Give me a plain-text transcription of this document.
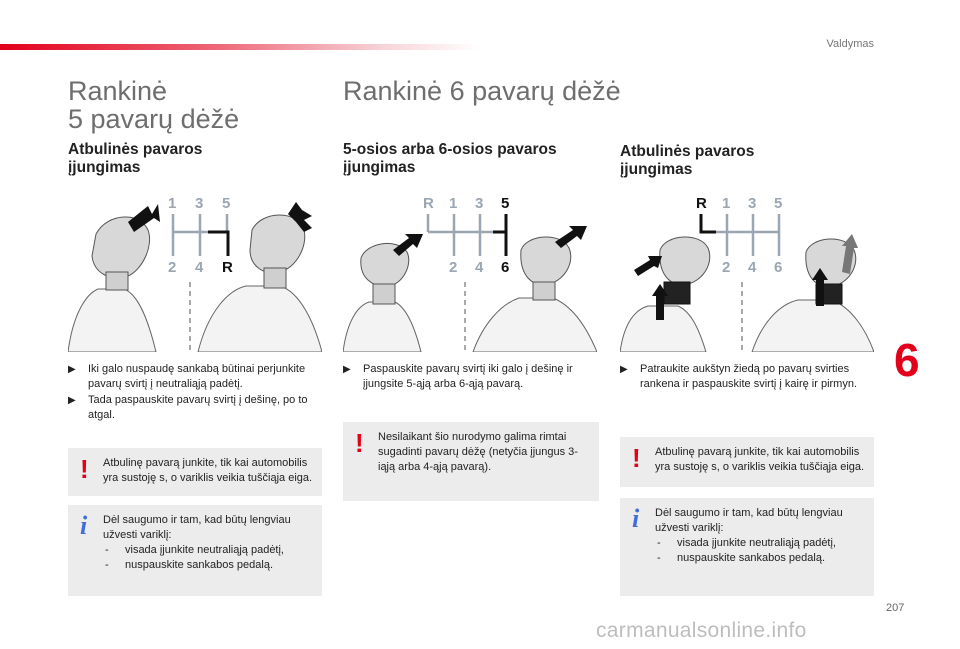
Valdymas
Rankinė
5 pavarų dėžė
Atbulinės pavaros
įjungimas
1 3 5
2 4 R
▶︎ Iki galo nuspaudę sankabą būtinai perjunkite pavarų svirtį į neutraliąją padėtį.
▶︎ Tada paspauskite pavarų svirtį į dešinę, po to atgal.
! Atbulinę pavarą junkite, tik kai automobilis yra sustoję s, o variklis veikia tuščiąja eiga.
i Dėl saugumo ir tam, kad būtų lengviau užvesti variklį:
- visada įjunkite neutraliąją padėtį,
- nuspauskite sankabos pedalą.
Rankinė 6 pavarų dėžė
5-osios arba 6-osios pavaros
įjungimas
R 1 3 5
2 4 6
▶︎ Paspauskite pavarų svirtį iki galo į dešinę ir įjungsite 5-ąją arba 6-ąją pavarą.
! Nesilaikant šio nurodymo galima rimtai sugadinti pavarų dėžę (netyčia įjungus 3-iąją arba 4-ąją pavarą).
Atbulinės pavaros
įjungimas
R 1 3 5
2 4 6
▶︎ Patraukite aukštyn žiedą po pavarų svirties rankena ir paspauskite svirtį į kairę ir pirmyn.
! Atbulinę pavarą junkite, tik kai automobilis yra sustoję s, o variklis veikia tuščiąja eiga.
i Dėl saugumo ir tam, kad būtų lengviau užvesti variklį:
- visada įjunkite neutraliąją padėtį,
- nuspauskite sankabos pedalą.
6
207
carmanualsonline.info
